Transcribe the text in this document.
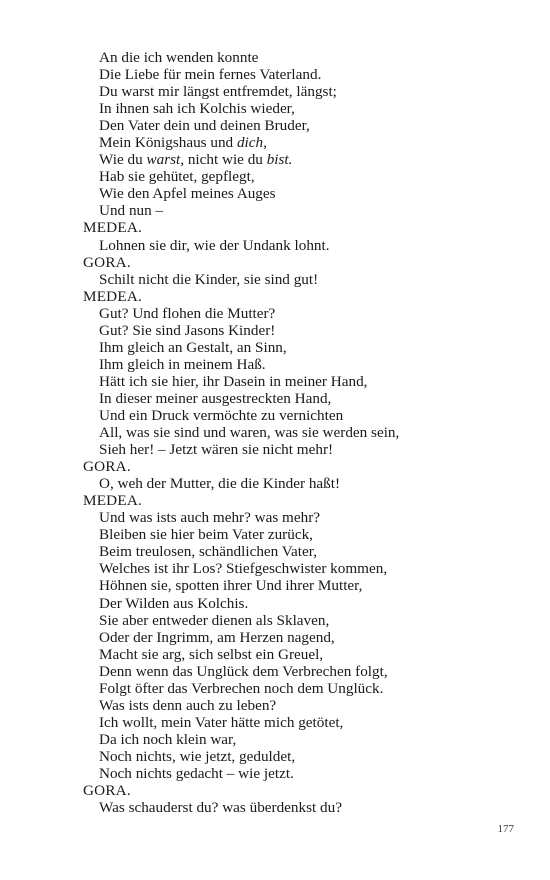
An die ich wenden konnte
Die Liebe für mein fernes Vaterland.
Du warst mir längst entfremdet, längst;
In ihnen sah ich Kolchis wieder,
Den Vater dein und deinen Bruder,
Mein Königshaus und dich,
Wie du warst, nicht wie du bist.
Hab sie gehütet, gepflegt,
Wie den Apfel meines Auges
Und nun –
MEDEA.
Lohnen sie dir, wie der Undank lohnt.
GORA.
Schilt nicht die Kinder, sie sind gut!
MEDEA.
Gut? Und flohen die Mutter?
Gut? Sie sind Jasons Kinder!
Ihm gleich an Gestalt, an Sinn,
Ihm gleich in meinem Haß.
Hätt ich sie hier, ihr Dasein in meiner Hand,
In dieser meiner ausgestreckten Hand,
Und ein Druck vermöchte zu vernichten
All, was sie sind und waren, was sie werden sein,
Sieh her! – Jetzt wären sie nicht mehr!
GORA.
O, weh der Mutter, die die Kinder haßt!
MEDEA.
Und was ists auch mehr? was mehr?
Bleiben sie hier beim Vater zurück,
Beim treulosen, schändlichen Vater,
Welches ist ihr Los? Stiefgeschwister kommen,
Höhnen sie, spotten ihrer Und ihrer Mutter,
Der Wilden aus Kolchis.
Sie aber entweder dienen als Sklaven,
Oder der Ingrimm, am Herzen nagend,
Macht sie arg, sich selbst ein Greuel,
Denn wenn das Unglück dem Verbrechen folgt,
Folgt öfter das Verbrechen noch dem Unglück.
Was ists denn auch zu leben?
Ich wollt, mein Vater hätte mich getötet,
Da ich noch klein war,
Noch nichts, wie jetzt, geduldet,
Noch nichts gedacht – wie jetzt.
GORA.
Was schauderst du? was überdenkst du?
177
